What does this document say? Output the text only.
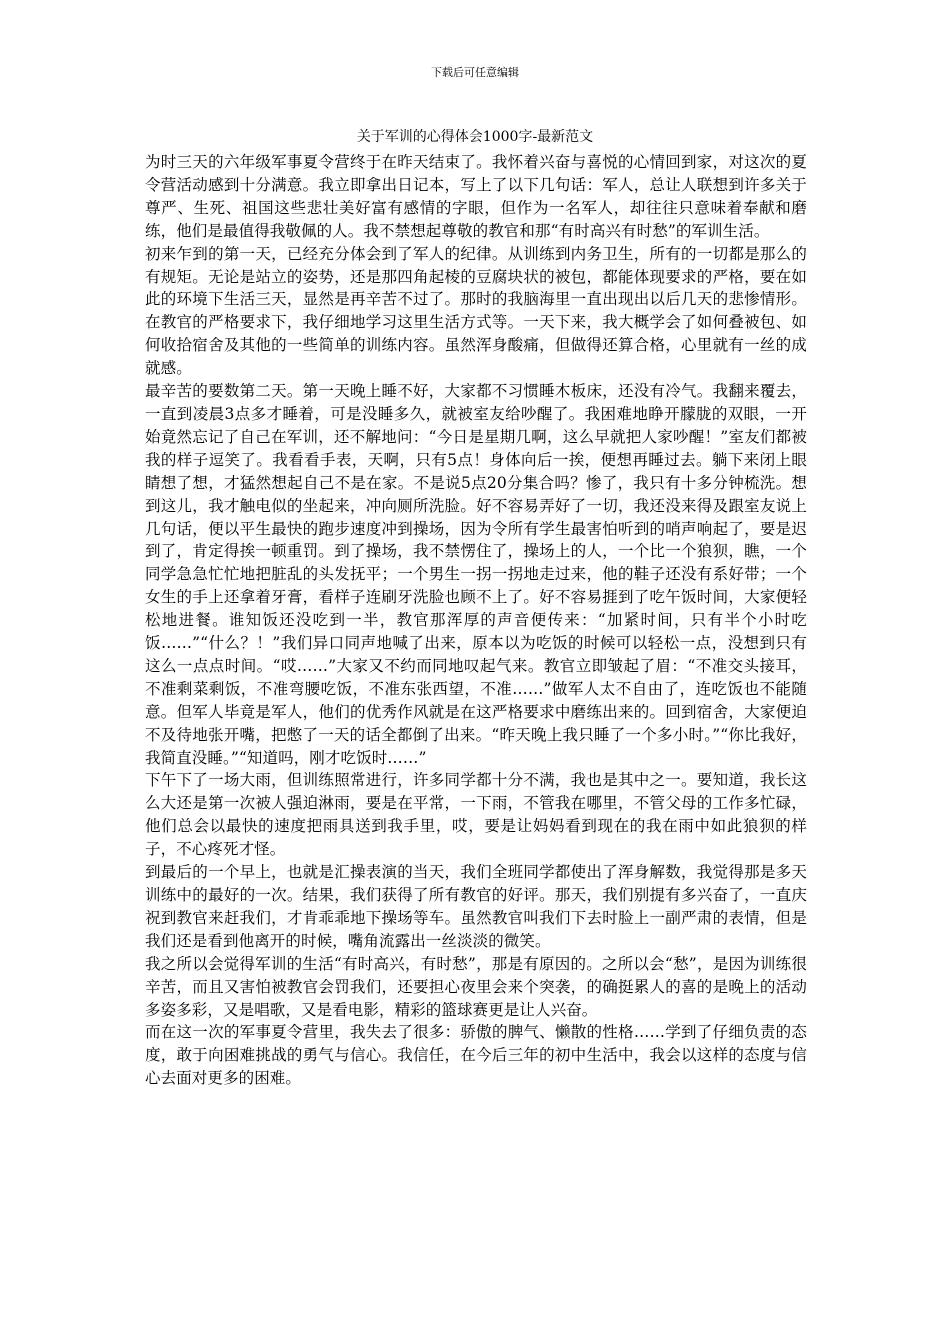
下载后可任意编辑
关于军训的心得体会1000字-最新范文

为时三天的六年级军事夏令营终于在昨天结束了。我怀着兴奋与喜悦的心情回到家，对这次的夏令营活动感到十分满意。我立即拿出日记本，写上了以下几句话：军人，总让人联想到许多关于尊严、生死、祖国这些悲壮美好富有感情的字眼，但作为一名军人，却往往只意味着奉献和磨练，他们是最值得我敬佩的人。我不禁想起尊敬的教官和那“有时高兴有时愁”的军训生活。

初来乍到的第一天，已经充分体会到了军人的纪律。从训练到内务卫生，所有的一切都是那么的有规矩。无论是站立的姿势，还是那四角起棱的豆腐块状的被包，都能体现要求的严格，要在如此的环境下生活三天，显然是再辛苦不过了。那时的我脑海里一直出现出以后几天的悲惨情形。在教官的严格要求下，我仔细地学习这里生活方式等。一天下来，我大概学会了如何叠被包、如何收拾宿舍及其他的一些简单的训练内容。虽然浑身酸痛，但做得还算合格，心里就有一丝的成就感。

最辛苦的要数第二天。第一天晚上睡不好，大家都不习惯睡木板床，还没有冷气。我翻来覆去，一直到凌晨3点多才睡着，可是没睡多久，就被室友给吵醒了。我困难地睁开朦胧的双眼，一开始竟然忘记了自己在军训，还不解地问：“今日是星期几啊，这么早就把人家吵醒！”室友们都被我的样子逗笑了。我看看手表，天啊，只有5点！身体向后一挨，便想再睡过去。躺下来闭上眼睛想了想，才猛然想起自己不是在家。不是说5点20分集合吗？惨了，我只有十多分钟梳洗。想到这儿，我才触电似的坐起来，冲向厕所洗脸。好不容易弄好了一切，我还没来得及跟室友说上几句话，便以平生最快的跑步速度冲到操场，因为令所有学生最害怕听到的哨声响起了，要是迟到了，肯定得挨一顿重罚。到了操场，我不禁愣住了，操场上的人，一个比一个狼狈，瞧，一个同学急急忙忙地把脏乱的头发抚平；一个男生一拐一拐地走过来，他的鞋子还没有系好带；一个女生的手上还拿着牙膏，看样子连刷牙洗脸也顾不上了。好不容易捱到了吃午饭时间，大家便轻松地进餐。谁知饭还没吃到一半，教官那浑厚的声音便传来：“加紧时间，只有半个小时吃饭……”“什么？！”我们异口同声地喊了出来，原本以为吃饭的时候可以轻松一点，没想到只有这么一点点时间。“哎……”大家又不约而同地叹起气来。教官立即皱起了眉：“不准交头接耳，不准剩菜剩饭，不准弯腰吃饭，不准东张西望，不准……”做军人太不自由了，连吃饭也不能随意。但军人毕竟是军人，他们的优秀作风就是在这严格要求中磨练出来的。回到宿舍，大家便迫不及待地张开嘴，把憋了一天的话全都倒了出来。“昨天晚上我只睡了一个多小时。”“你比我好，我简直没睡。”“知道吗，刚才吃饭时……”

下午下了一场大雨，但训练照常进行，许多同学都十分不满，我也是其中之一。要知道，我长这么大还是第一次被人强迫淋雨，要是在平常，一下雨，不管我在哪里，不管父母的工作多忙碌，他们总会以最快的速度把雨具送到我手里，哎，要是让妈妈看到现在的我在雨中如此狼狈的样子，不心疼死才怪。

到最后的一个早上，也就是汇操表演的当天，我们全班同学都使出了浑身解数，我觉得那是多天训练中的最好的一次。结果，我们获得了所有教官的好评。那天，我们别提有多兴奋了，一直庆祝到教官来赶我们，才肯乖乖地下操场等车。虽然教官叫我们下去时脸上一副严肃的表情，但是我们还是看到他离开的时候，嘴角流露出一丝淡淡的微笑。

我之所以会觉得军训的生活“有时高兴，有时愁”，那是有原因的。之所以会“愁”，是因为训练很辛苦，而且又害怕被教官会罚我们，还要担心夜里会来个突袭，的确挺累人的喜的是晚上的活动多姿多彩，又是唱歌，又是看电影，精彩的篮球赛更是让人兴奋。

而在这一次的军事夏令营里，我失去了很多：骄傲的脾气、懒散的性格……学到了仔细负责的态度，敢于向困难挑战的勇气与信心。我信任，在今后三年的初中生活中，我会以这样的态度与信心去面对更多的困难。
